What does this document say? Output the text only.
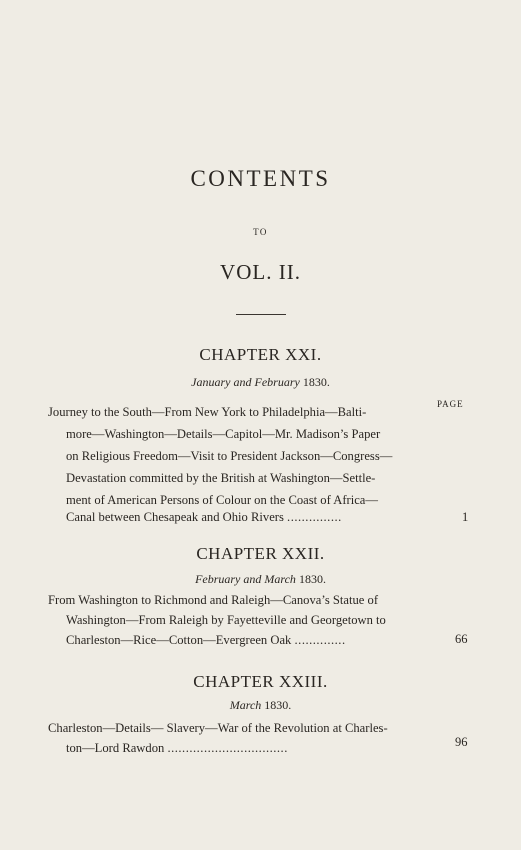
CONTENTS
TO
VOL. II.
CHAPTER XXI.
January and February 1830.
PAGE
Journey to the South—From New York to Philadelphia—Balti-
more—Washington—Details—Capitol—Mr. Madison’s Paper
on Religious Freedom—Visit to President Jackson—Congress—
Devastation committed by the British at Washington—Settle-
ment of American Persons of Colour on the Coast of Africa—
Canal between Chesapeak and Ohio Rivers ...............	1
CHAPTER XXII.
February and March 1830.
From Washington to Richmond and Raleigh—Canova’s Statue of
Washington—From Raleigh by Fayetteville and Georgetown to
Charleston—Rice—Cotton—Evergreen Oak ..............	66
CHAPTER XXIII.
March 1830.
Charleston—Details— Slavery—War of the Revolution at Charles-
ton—Lord Rawdon .................................	96
